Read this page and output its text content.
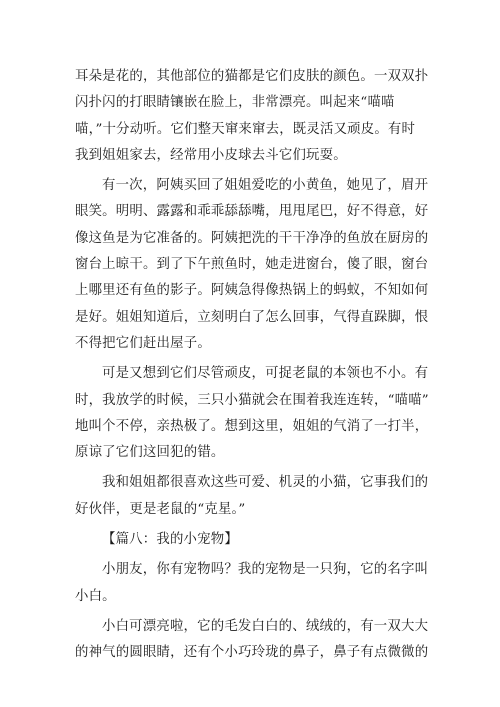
耳朵是花的，其他部位的猫都是它们皮肤的颜色。一双双扑
闪扑闪的打眼睛镶嵌在脸上，非常漂亮。叫起来“喵喵
喵，”十分动听。它们整天窜来窜去，既灵活又顽皮。有时
我到姐姐家去，经常用小皮球去斗它们玩耍。
有一次，阿姨买回了姐姐爱吃的小黄鱼，她见了，眉开
眼笑。明明、露露和乖乖舔舔嘴，甩甩尾巴，好不得意，好
像这鱼是为它准备的。阿姨把洗的干干净净的鱼放在厨房的
窗台上晾干。到了下午煎鱼时，她走进窗台，傻了眼，窗台
上哪里还有鱼的影子。阿姨急得像热锅上的蚂蚁，不知如何
是好。姐姐知道后，立刻明白了怎么回事，气得直跺脚，恨
不得把它们赶出屋子。
可是又想到它们尽管顽皮，可捉老鼠的本领也不小。有
时，我放学的时候，三只小猫就会在围着我连连转，“喵喵”
地叫个不停，亲热极了。想到这里，姐姐的气消了一打半，
原谅了它们这回犯的错。
我和姐姐都很喜欢这些可爱、机灵的小猫，它事我们的
好伙伴，更是老鼠的“克星。”
【篇八：我的小宠物】
小朋友，你有宠物吗？我的宠物是一只狗，它的名字叫
小白。
小白可漂亮啦，它的毛发白白的、绒绒的，有一双大大
的神气的圆眼睛，还有个小巧玲珑的鼻子，鼻子有点微微的
